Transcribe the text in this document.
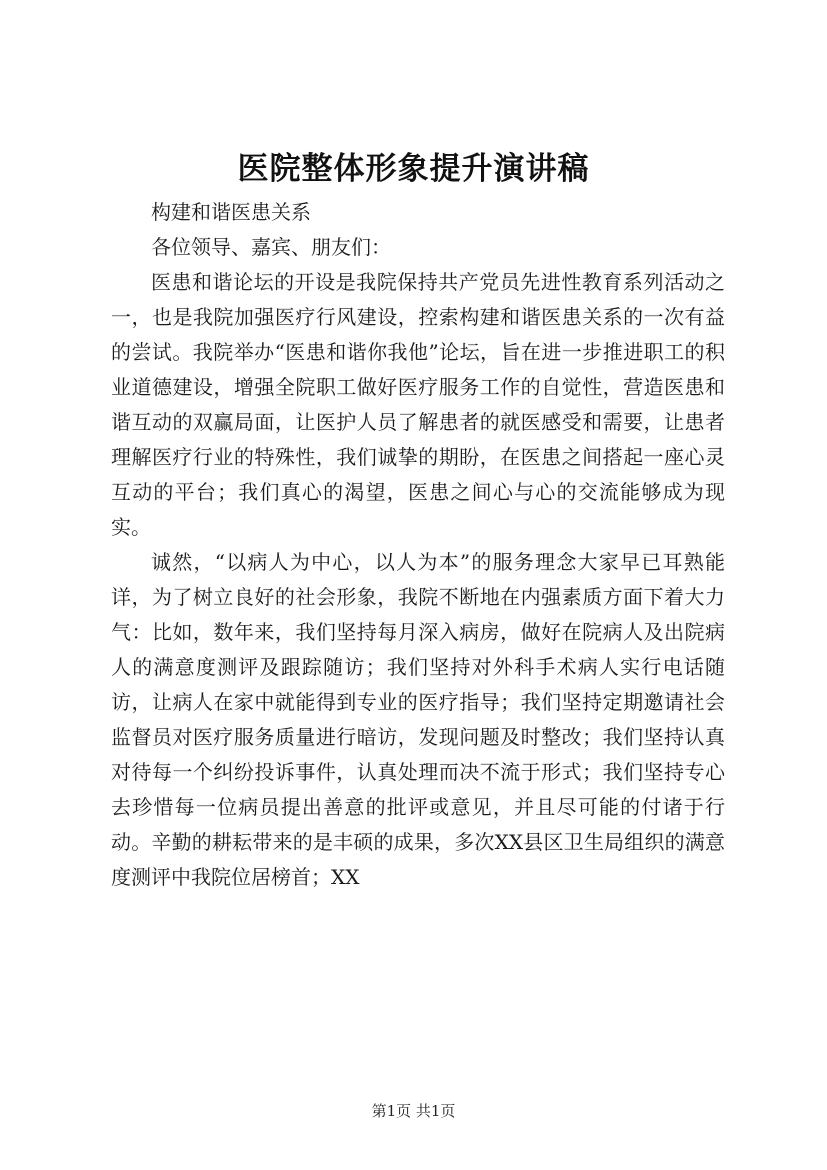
医院整体形象提升演讲稿

构建和谐医患关系

各位领导、嘉宾、朋友们：

医患和谐论坛的开设是我院保持共产党员先进性教育系列活动之一，也是我院加强医疗行风建设，控索构建和谐医患关系的一次有益的尝试。我院举办“医患和谐你我他”论坛，旨在进一步推进职工的积业道德建设，增强全院职工做好医疗服务工作的自觉性，营造医患和谐互动的双赢局面，让医护人员了解患者的就医感受和需要，让患者理解医疗行业的特殊性，我们诚挚的期盼，在医患之间搭起一座心灵互动的平台；我们真心的渴望，医患之间心与心的交流能够成为现实。

诚然，“以病人为中心，以人为本”的服务理念大家早已耳熟能详，为了树立良好的社会形象，我院不断地在内强素质方面下着大力气：比如，数年来，我们坚持每月深入病房，做好在院病人及出院病人的满意度测评及跟踪随访；我们坚持对外科手术病人实行电话随访，让病人在家中就能得到专业的医疗指导；我们坚持定期邀请社会监督员对医疗服务质量进行暗访，发现问题及时整改；我们坚持认真对待每一个纠纷投诉事件，认真处理而决不流于形式；我们坚持专心去珍惜每一位病员提出善意的批评或意见，并且尽可能的付诸于行动。辛勤的耕耘带来的是丰硕的成果，多次XX县区卫生局组织的满意度测评中我院位居榜首；XX

第1页 共1页
